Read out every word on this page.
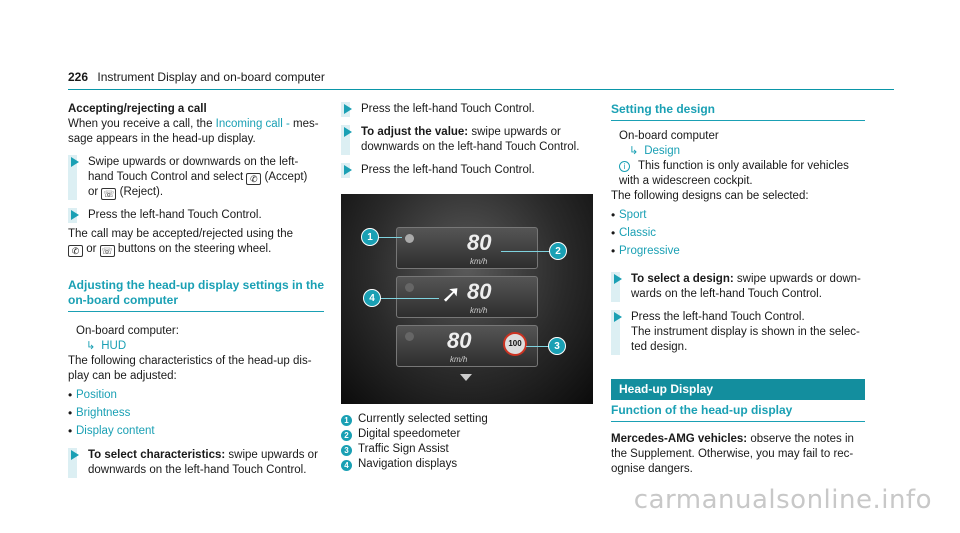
226 Instrument Display and on-board computer

Accepting/rejecting a call

When you receive a call, the Incoming call - mes- sage appears in the head-up display.

Swipe upwards or downwards on the left- hand Touch Control and select ✆ (Accept)
or ☏ (Reject).
Press the left-hand Touch Control.

The call may be accepted/rejected using the
✆ or ☏ buttons on the steering wheel.

Adjusting the head-up display settings in the on-board computer

On-board computer:
↳ HUD

The following characteristics of the head-up dis- play can be adjusted:

• Position
• Brightness
• Display content
To select characteristics: swipe upwards or downwards on the left-hand Touch Control.
Press the left-hand Touch Control.
To adjust the value: swipe upwards or downwards on the left-hand Touch Control.
Press the left-hand Touch Control.
80
km/h
➚ 80
km/h
80
km/h
100
1
2
4
3
1 Currently selected setting
2 Digital speedometer
3 Traffic Sign Assist
4 Navigation displays

Setting the design

On-board computer
↳ Design

i This function is only available for vehicles with a widescreen cockpit.

The following designs can be selected:

• Sport
• Classic
• Progressive
To select a design: swipe upwards or down- wards on the left-hand Touch Control.
Press the left-hand Touch Control.
The instrument display is shown in the selec- ted design.
Head-up Display

Function of the head-up display

Mercedes-AMG vehicles: observe the notes in the Supplement. Otherwise, you may fail to rec- ognise dangers.

carmanualsonline.info
